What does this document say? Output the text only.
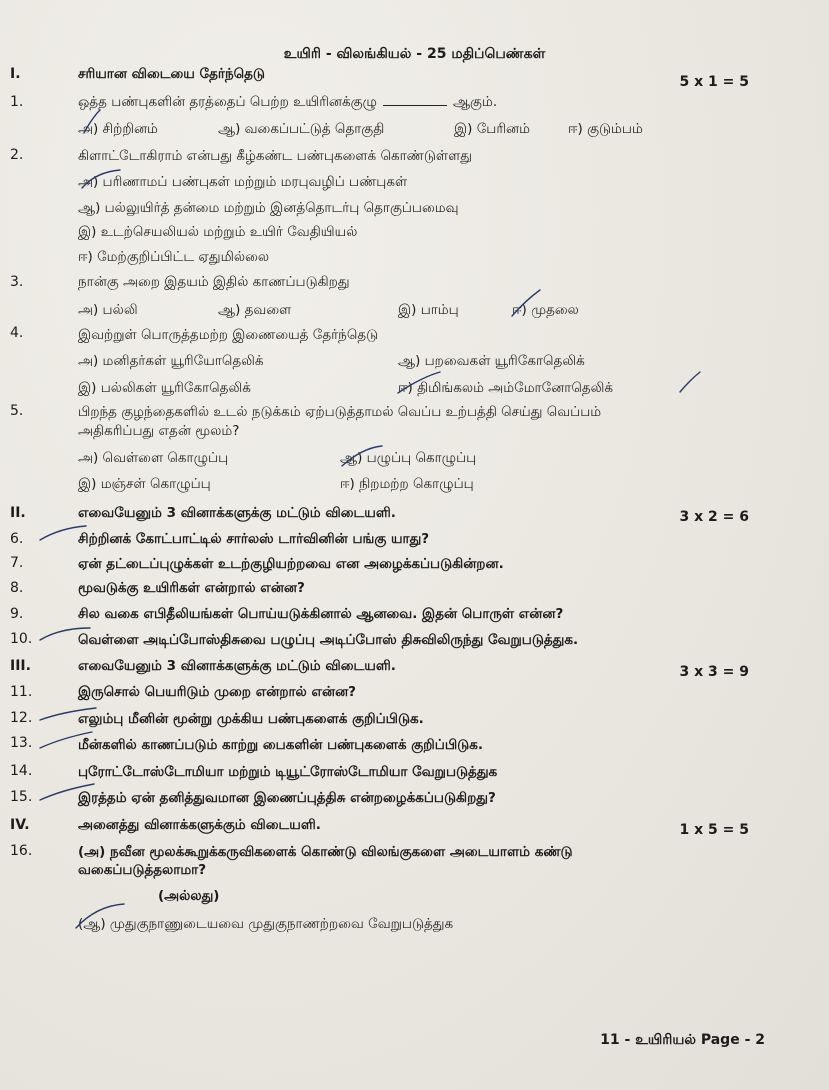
உயிரி - விலங்கியல் - 25 மதிப்பெண்கள்
I.	சரியான விடையை தேர்ந்தெடு	5 x 1 = 5
1.	ஒத்த பண்புகளின் தரத்தைப் பெற்ற உயிரினக்குழு	ஆகும்.
அ) சிற்றினம்	ஆ) வகைப்பட்டுத் தொகுதி	இ) பேரினம்	ஈ) குடும்பம்
2.	கிளாட்டோகிராம் என்பது கீழ்கண்ட பண்புகளைக் கொண்டுள்ளது
அ) பரிணாமப் பண்புகள் மற்றும் மரபுவழிப் பண்புகள்
ஆ) பல்லுயிர்த் தன்மை மற்றும் இனத்தொடர்பு தொகுப்பமைவு
இ) உடற்செயலியல் மற்றும் உயிர் வேதியியல்
ஈ) மேற்குறிப்பிட்ட ஏதுமில்லை
3.	நான்கு அறை இதயம் இதில் காணப்படுகிறது
அ) பல்லி	ஆ) தவளை	இ) பாம்பு	ஈ) முதலை
4.	இவற்றுள் பொருத்தமற்ற இணையைத் தேர்ந்தெடு
அ) மனிதர்கள் யூரியோதெலிக்	ஆ) பறவைகள் யூரிகோதெலிக்
இ) பல்லிகள் யூரிகோதெலிக்	ஈ) திமிங்கலம் அம்மோனோதெலிக்
5.	பிறந்த குழந்தைகளில் உடல் நடுக்கம் ஏற்படுத்தாமல் வெப்ப உற்பத்தி செய்து வெப்பம்
அதிகரிப்பது எதன் மூலம்?
அ) வெள்ளை கொழுப்பு	ஆ) பழுப்பு கொழுப்பு
இ) மஞ்சள் கொழுப்பு	ஈ) நிறமற்ற கொழுப்பு
II.	எவையேனும் 3 வினாக்களுக்கு மட்டும் விடையளி.	3 x 2 = 6
6.	சிற்றினக் கோட்பாட்டில் சார்லஸ் டார்வினின் பங்கு யாது?
7.	ஏன் தட்டைப்புழுக்கள் உடற்குழியற்றவை என அழைக்கப்படுகின்றன.
8.	மூவடுக்கு உயிரிகள் என்றால் என்ன?
9.	சில வகை எபிதீலியங்கள் பொய்யடுக்கினால் ஆனவை. இதன் பொருள் என்ன?
10.	வெள்ளை அடிப்போஸ்திசுவை பழுப்பு அடிப்போஸ் திசுவிலிருந்து வேறுபடுத்துக.
III.	எவையேனும் 3 வினாக்களுக்கு மட்டும் விடையளி.	3 x 3 = 9
11.	இருசொல் பெயரிடும் முறை என்றால் என்ன?
12.	எலும்பு மீனின் மூன்று முக்கிய பண்புகளைக் குறிப்பிடுக.
13.	மீன்களில் காணப்படும் காற்று பைகளின் பண்புகளைக் குறிப்பிடுக.
14.	புரோட்டோஸ்டோமியா மற்றும் டியூட்ரோஸ்டோமியா வேறுபடுத்துக
15.	இரத்தம் ஏன் தனித்துவமான இணைப்புத்திசு என்றழைக்கப்படுகிறது?
IV.	அனைத்து வினாக்களுக்கும் விடையளி.	1 x 5 = 5
16.	(அ) நவீன மூலக்கூறுக்கருவிகளைக் கொண்டு விலங்குகளை அடையாளம் கண்டு
வகைப்படுத்தலாமா?
(அல்லது)
(ஆ) முதுகுநாணுடையவை முதுகுநாணற்றவை வேறுபடுத்துக
11 - உயிரியல் Page - 2
